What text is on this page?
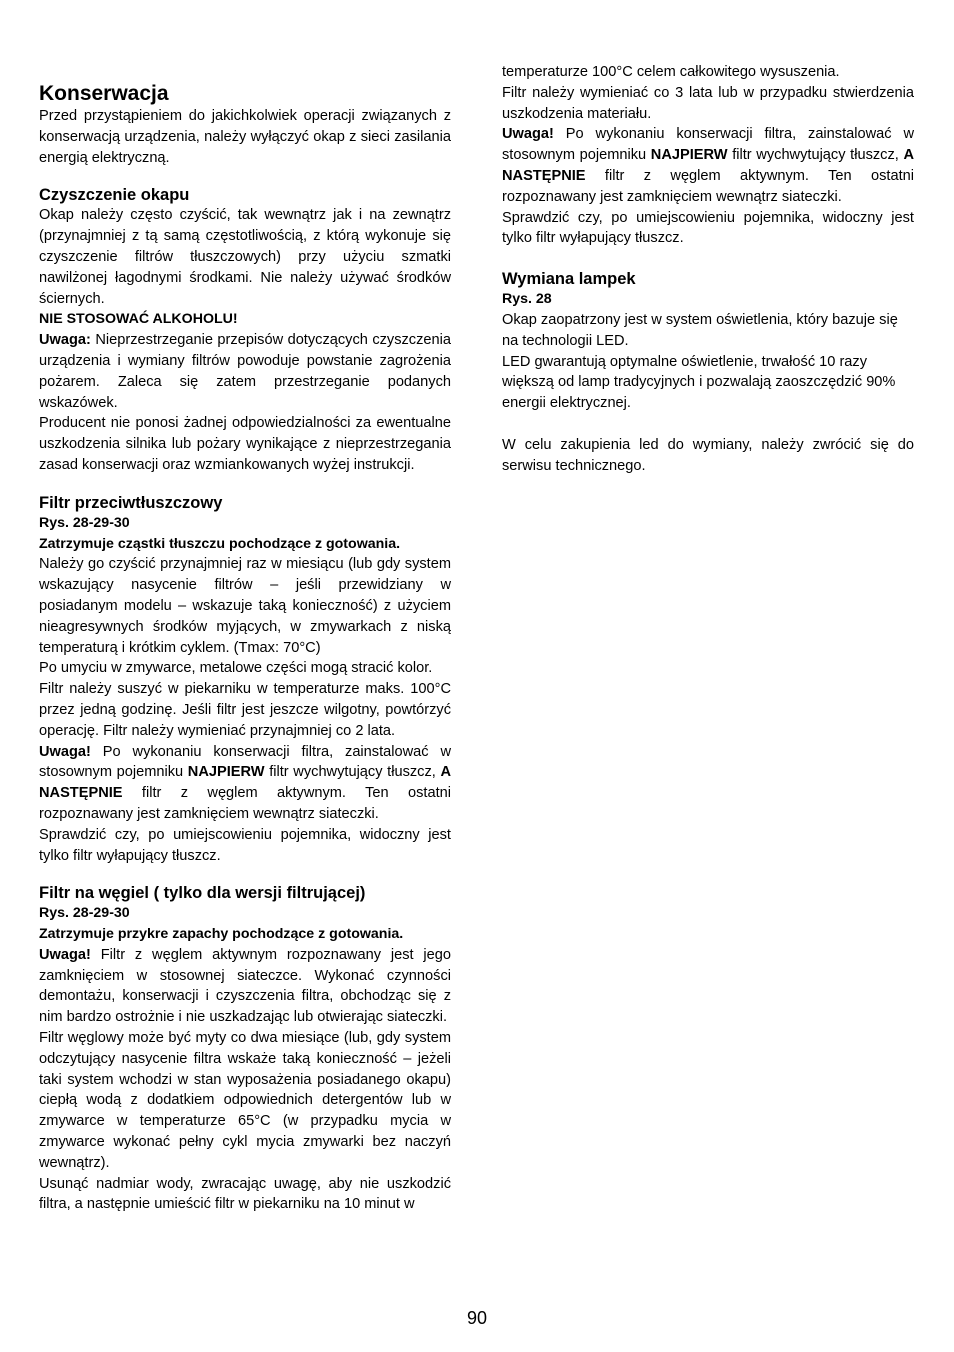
Konserwacja

Przed przystąpieniem do jakichkolwiek operacji związanych z konserwacją urządzenia, należy wyłączyć okap z sieci zasilania energią elektryczną.

Czyszczenie okapu

Okap należy często czyścić, tak wewnątrz jak i na zewnątrz (przynajmniej z tą samą częstotliwością, z którą wykonuje się czyszczenie filtrów tłuszczowych) przy użyciu szmatki nawilżonej łagodnymi środkami. Nie należy używać środków ściernych.

NIE STOSOWAĆ ALKOHOLU!

Uwaga: Nieprzestrzeganie przepisów dotyczących czyszczenia urządzenia i wymiany filtrów powoduje powstanie zagrożenia pożarem. Zaleca się zatem przestrzeganie podanych wskazówek.

Producent nie ponosi żadnej odpowiedzialności za ewentualne uszkodzenia silnika lub pożary wynikające z nieprzestrzegania zasad konserwacji oraz wzmiankowanych wyżej instrukcji.

Filtr przeciwtłuszczowy

Rys. 28-29-30

Zatrzymuje cząstki tłuszczu pochodzące z gotowania.

Należy go czyścić przynajmniej raz w miesiącu (lub gdy system wskazujący nasycenie filtrów – jeśli przewidziany w posiadanym modelu – wskazuje taką konieczność) z użyciem nieagresywnych środków myjących, w zmywarkach z niską temperaturą i krótkim cyklem. (Tmax: 70°C)

Po umyciu w zmywarce, metalowe części mogą stracić kolor.

Filtr należy suszyć w piekarniku w temperaturze maks. 100°C przez jedną godzinę. Jeśli filtr jest jeszcze wilgotny, powtórzyć operację. Filtr należy wymieniać przynajmniej co 2 lata.

Uwaga! Po wykonaniu konserwacji filtra, zainstalować w stosownym pojemniku NAJPIERW filtr wychwytujący tłuszcz, A NASTĘPNIE filtr z węglem aktywnym. Ten ostatni rozpoznawany jest zamknięciem wewnątrz siateczki.

Sprawdzić czy, po umiejscowieniu pojemnika, widoczny jest tylko filtr wyłapujący tłuszcz.

Filtr na węgiel ( tylko dla wersji filtrującej)

Rys. 28-29-30

Zatrzymuje przykre zapachy pochodzące z gotowania.

Uwaga! Filtr z węglem aktywnym rozpoznawany jest jego zamknięciem w stosownej siateczce. Wykonać czynności demontażu, konserwacji i czyszczenia filtra, obchodząc się z nim bardzo ostrożnie i nie uszkadzając lub otwierając siateczki.

Filtr węglowy może być myty co dwa miesiące (lub, gdy system odczytujący nasycenie filtra wskaże taką konieczność – jeżeli taki system wchodzi w stan wyposażenia posiadanego okapu) ciepłą wodą z dodatkiem odpowiednich detergentów lub w zmywarce w temperaturze 65°C (w przypadku mycia w zmywarce wykonać pełny cykl mycia zmywarki bez naczyń wewnątrz).

Usunąć nadmiar wody, zwracając uwagę, aby nie uszkodzić filtra, a następnie umieścić filtr w piekarniku na 10 minut w

temperaturze 100°C celem całkowitego wysuszenia.

Filtr należy wymieniać co 3 lata lub w przypadku stwierdzenia uszkodzenia materiału.

Uwaga! Po wykonaniu konserwacji filtra, zainstalować w stosownym pojemniku NAJPIERW filtr wychwytujący tłuszcz, A NASTĘPNIE filtr z węglem aktywnym. Ten ostatni rozpoznawany jest zamknięciem wewnątrz siateczki.

Sprawdzić czy, po umiejscowieniu pojemnika, widoczny jest tylko filtr wyłapujący tłuszcz.

Wymiana lampek

Rys. 28

Okap zaopatrzony jest w system oświetlenia, który bazuje się na technologii LED.

LED gwarantują optymalne oświetlenie, trwałość 10 razy większą od lamp tradycyjnych i pozwalają zaoszczędzić 90% energii elektrycznej.

W celu zakupienia led do wymiany, należy zwrócić się do serwisu technicznego.

90
